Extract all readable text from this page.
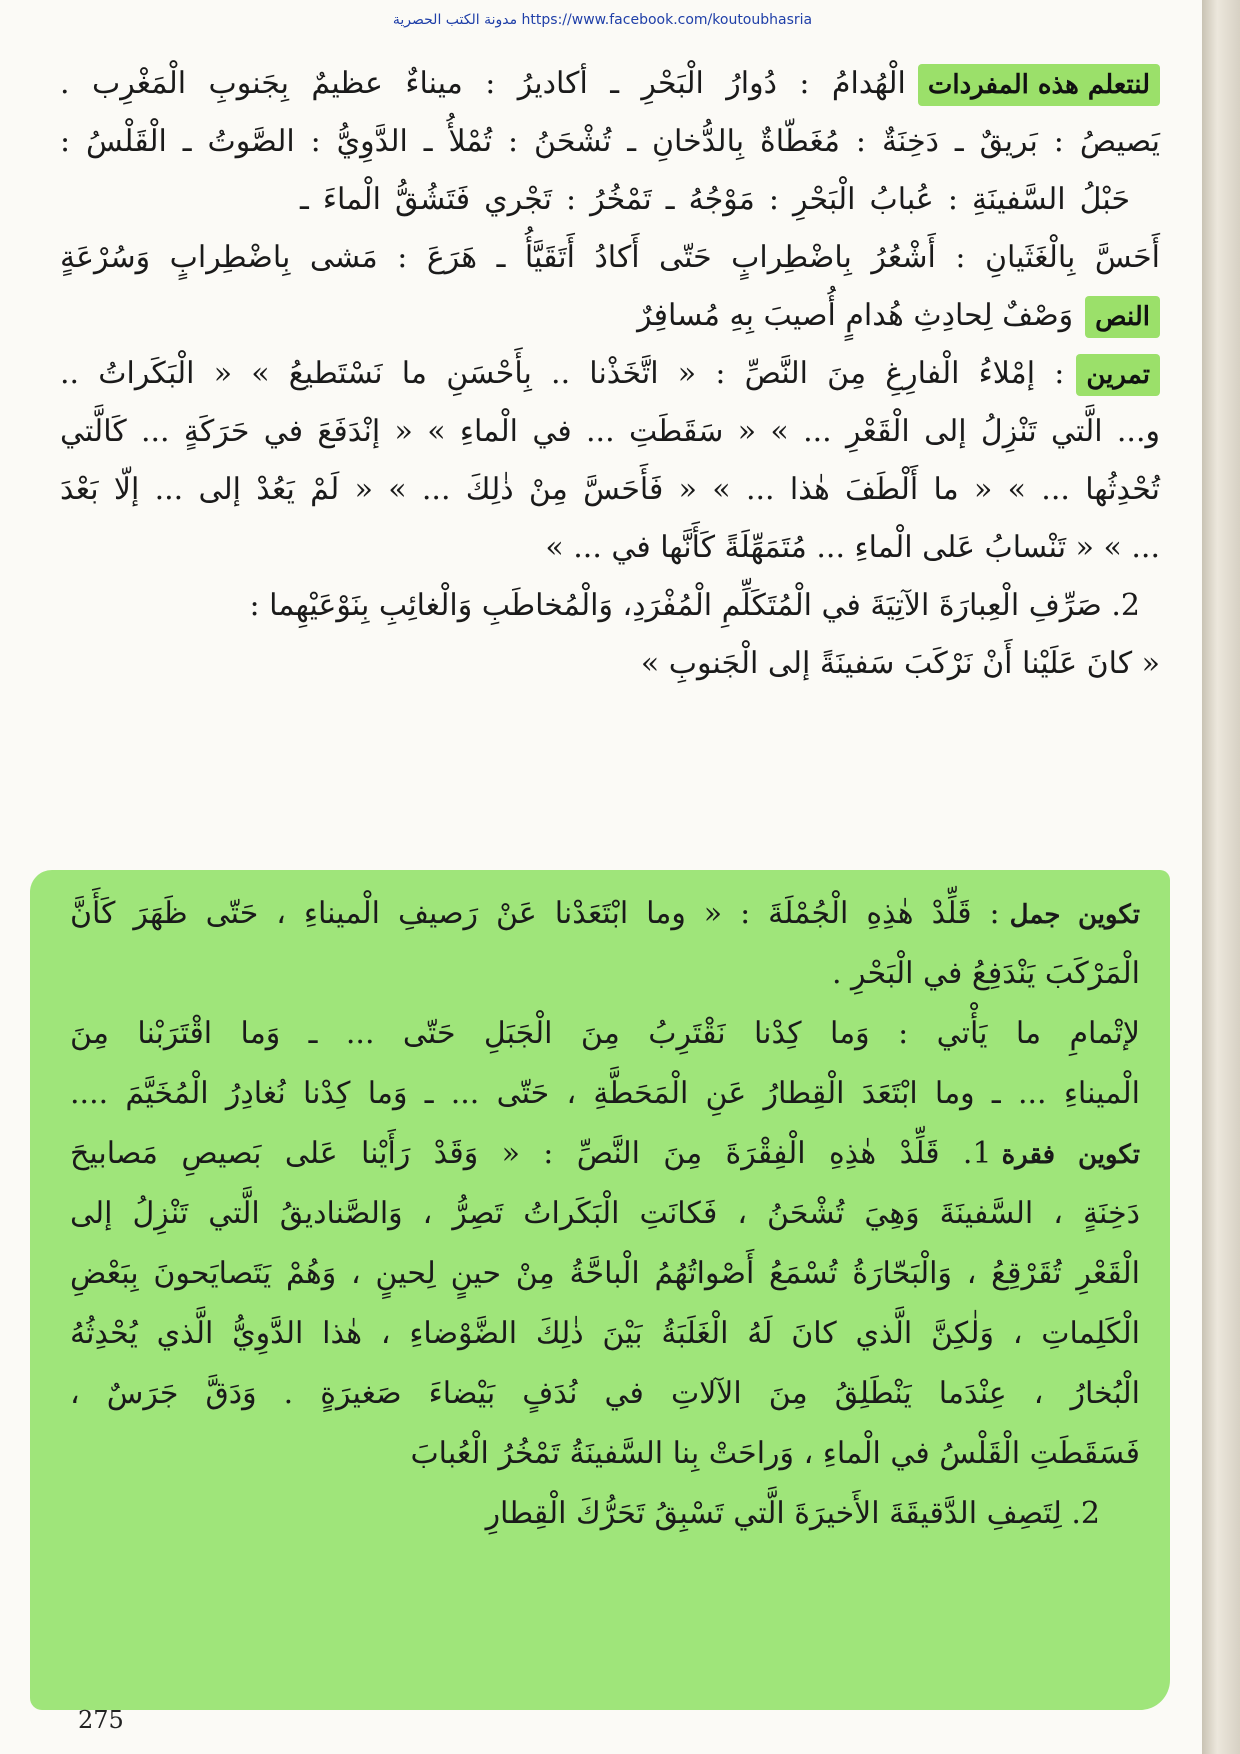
مدونة الكتب الحصرية https://www.facebook.com/koutoubhasria
لنتعلم هذه المفرداتالْهُدامُ : دُوارُ الْبَحْرِ ـ أكاديرُ : ميناءٌ عظيمٌ بِجَنوبِ الْمَغْرِب .
يَصيصُ : بَريقٌ ـ دَخِنَةٌ : مُغَطّاةٌ بِالدُّخانِ ـ تُشْحَنُ : تُمْلأُ ـ الدَّوِيُّ : الصَّوتُ ـ الْقَلْسُ :
حَبْلُ السَّفينَةِ : عُبابُ الْبَحْرِ : مَوْجُهُ ـ تَمْخُرُ : تَجْري فَتَشُقُّ الْماءَ ـ
أَحَسَّ بِالْغَثَيانِ : أَشْعُرُ بِاضْطِرابٍ حَتّى أَكادُ أَتَقَيَّأُ ـ هَرَعَ : مَشى بِاضْطِرابٍ وَسُرْعَةٍ
النصوَصْفٌ لِحادِثِ هُدامٍ أُصيبَ بِهِ مُسافِرٌ
تمرين: إمْلاءُ الْفارِغِ مِنَ النَّصِّ : « اتَّخَذْنا .. بِأَحْسَنِ ما نَسْتَطيعُ » « الْبَكَراتُ ..
و... الَّتي تَنْزِلُ إلى الْقَعْرِ ... » « سَقَطَتِ ... في الْماءِ » « إنْدَفَعَ في حَرَكَةٍ ... كَالَّتي
تُحْدِثُها ... » « ما أَلْطَفَ هٰذا ... » « فَأَحَسَّ مِنْ ذٰلِكَ ... » « لَمْ يَعُدْ إلى ... إلّا بَعْدَ
... » « تَنْسابُ عَلى الْماءِ ... مُتَمَهِّلَةً كَأَنَّها في ... »
2. صَرِّفِ الْعِبارَةَ الآتِيَةَ في الْمُتَكَلِّمِ الْمُفْرَدِ، وَالْمُخاطَبِ وَالْغائِبِ بِنَوْعَيْهِما :
« كانَ عَلَيْنا أَنْ نَرْكَبَ سَفينَةً إلى الْجَنوبِ »
تكوين جمل: قَلِّدْ هٰذِهِ الْجُمْلَةَ : « وما ابْتَعَدْنا عَنْ رَصيفِ الْميناءِ ، حَتّى ظَهَرَ كَأَنَّ
الْمَرْكَبَ يَنْدَفِعُ في الْبَحْرِ .
لإتْمامِ ما يَأْتي : وَما كِدْنا نَقْتَرِبُ مِنَ الْجَبَلِ حَتّى ... ـ وَما اقْتَرَبْنا مِنَ
الْميناءِ ... ـ وما ابْتَعَدَ الْقِطارُ عَنِ الْمَحَطَّةِ ، حَتّى ... ـ وَما كِدْنا نُغادِرُ الْمُخَيَّمَ ....
تكوين فقرة1. قَلِّدْ هٰذِهِ الْفِقْرَةَ مِنَ النَّصِّ : « وَقَدْ رَأَيْنا عَلى بَصيصِ مَصابيحَ
دَخِنَةٍ ، السَّفينَةَ وَهِيَ تُشْحَنُ ، فَكانَتِ الْبَكَراتُ تَصِرُّ ، وَالصَّناديقُ الَّتي تَنْزِلُ إلى
الْقَعْرِ تُقَرْقِعُ ، وَالْبَحّارَةُ تُسْمَعُ أَصْواتُهُمُ الْباحَّةُ مِنْ حينٍ لِحينٍ ، وَهُمْ يَتَصايَحونَ بِبَعْضِ
الْكَلِماتِ ، وَلٰكِنَّ الَّذي كانَ لَهُ الْغَلَبَةُ بَيْنَ ذٰلِكَ الضَّوْضاءِ ، هٰذا الدَّوِيُّ الَّذي يُحْدِثُهُ
الْبُخارُ ، عِنْدَما يَنْطَلِقُ مِنَ الآلاتِ في نُدَفٍ بَيْضاءَ صَغيرَةٍ . وَدَقَّ جَرَسٌ ،
فَسَقَطَتِ الْقَلْسُ في الْماءِ ، وَراحَتْ بِنا السَّفينَةُ تَمْخُرُ الْعُبابَ
2. لِتَصِفِ الدَّقيقَةَ الأَخيرَةَ الَّتي تَسْبِقُ تَحَرُّكَ الْقِطارِ
275
